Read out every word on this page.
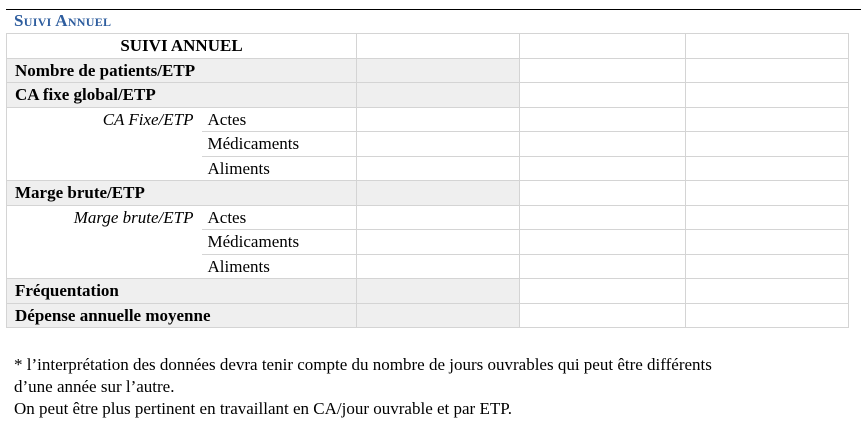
Suivi Annuel
SUIVI ANNUEL				
Nombre de patients/ETP				
CA fixe global/ETP				
CA Fixe/ETP	Actes			
	Médicaments			
	Aliments			
Marge brute/ETP				
Marge brute/ETP	Actes			
	Médicaments			
	Aliments			
Fréquentation				
Dépense annuelle moyenne				
* l’interprétation des données devra tenir compte du nombre de jours ouvrables qui peut être différents
d’une année sur l’autre.
On peut être plus pertinent en travaillant en CA/jour ouvrable et par ETP.
